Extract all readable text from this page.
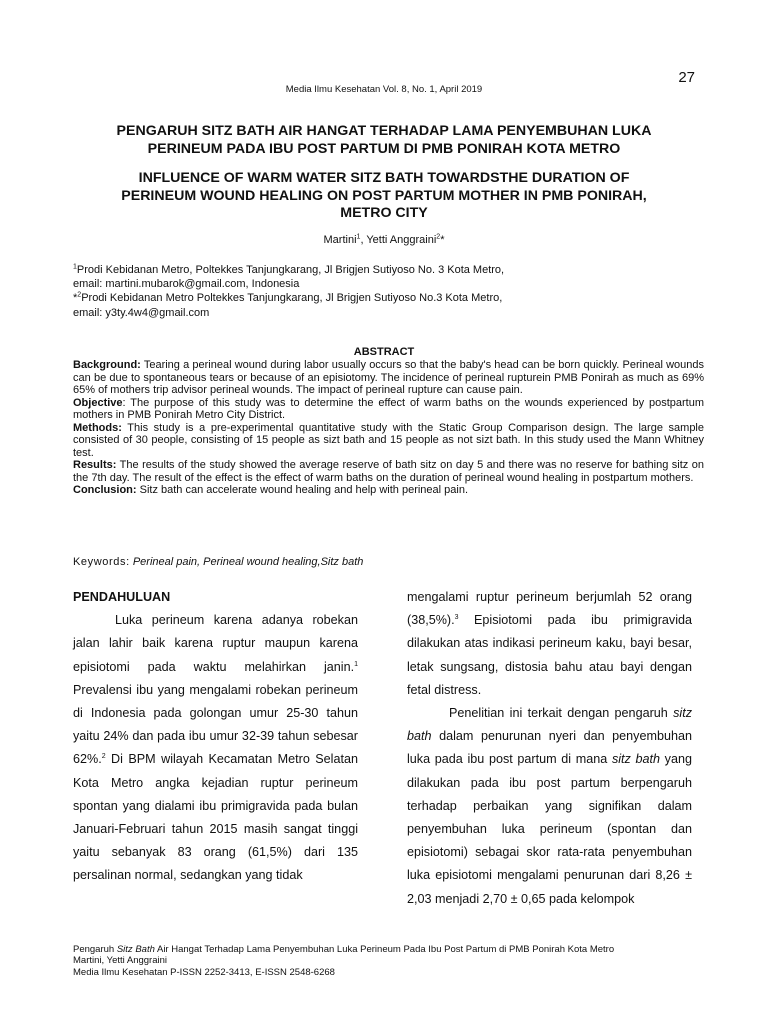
27
Media Ilmu Kesehatan Vol. 8, No. 1, April 2019
PENGARUH SITZ BATH AIR HANGAT TERHADAP LAMA PENYEMBUHAN LUKA
PERINEUM PADA IBU POST PARTUM DI PMB PONIRAH KOTA METRO
INFLUENCE OF WARM WATER SITZ BATH TOWARDSTHE DURATION OF
PERINEUM WOUND HEALING ON POST PARTUM MOTHER IN PMB PONIRAH,
METRO CITY
Martini$^1$, Yetti Anggraini$^2$*
$^1$Prodi Kebidanan Metro, Poltekkes Tanjungkarang, Jl Brigjen Sutiyoso No. 3 Kota Metro,
email: martini.mubarok@gmail.com, Indonesia
*$^2$Prodi Kebidanan Metro Poltekkes Tanjungkarang, Jl Brigjen Sutiyoso No.3 Kota Metro,
email: y3ty.4w4@gmail.com
ABSTRACT

Background: Tearing a perineal wound during labor usually occurs so that the baby's head can be born quickly. Perineal wounds can be due to spontaneous tears or because of an episiotomy. The incidence of perineal rupturein PMB Ponirah as much as 69% 65% of mothers trip advisor perineal wounds. The impact of perineal rupture can cause pain.

Objective: The purpose of this study was to determine the effect of warm baths on the wounds experienced by postpartum mothers in PMB Ponirah Metro City District.

Methods: This study is a pre-experimental quantitative study with the Static Group Comparison design. The large sample consisted of 30 people, consisting of 15 people as sizt bath and 15 people as not sizt bath. In this study used the Mann Whitney test.

Results: The results of the study showed the average reserve of bath sitz on day 5 and there was no reserve for bathing sitz on the 7th day. The result of the effect is the effect of warm baths on the duration of perineal wound healing in postpartum mothers.

Conclusion: Sitz bath can accelerate wound healing and help with perineal pain.

Keywords: Perineal pain, Perineal wound healing,Sitz bath

PENDAHULUAN

Luka perineum karena adanya robekan jalan lahir baik karena ruptur maupun karena episiotomi pada waktu melahirkan janin.$^1$ Prevalensi ibu yang mengalami robekan perineum di Indonesia pada golongan umur 25-30 tahun yaitu 24% dan pada ibu umur 32-39 tahun sebesar 62%.$^2$ Di BPM wilayah Kecamatan Metro Selatan Kota Metro angka kejadian ruptur perineum spontan yang dialami ibu primigravida pada bulan Januari-Februari tahun 2015 masih sangat tinggi yaitu sebanyak 83 orang (61,5%) dari 135 persalinan normal, sedangkan yang tidak

mengalami ruptur perineum berjumlah 52 orang (38,5%).$^3$ Episiotomi pada ibu primigravida dilakukan atas indikasi perineum kaku, bayi besar, letak sungsang, distosia bahu atau bayi dengan fetal distress.

Penelitian ini terkait dengan pengaruh sitz bath dalam penurunan nyeri dan penyembuhan luka pada ibu post partum di mana sitz bath yang dilakukan pada ibu post partum berpengaruh terhadap perbaikan yang signifikan dalam penyembuhan luka perineum (spontan dan episiotomi) sebagai skor rata-rata penyembuhan luka episiotomi mengalami penurunan dari 8,26 ± 2,03 menjadi 2,70 ± 0,65 pada kelompok

Pengaruh Sitz Bath Air Hangat Terhadap Lama Penyembuhan Luka Perineum Pada Ibu Post Partum di PMB Ponirah Kota Metro
Martini, Yetti Anggraini
Media Ilmu Kesehatan P-ISSN 2252-3413, E-ISSN 2548-6268
